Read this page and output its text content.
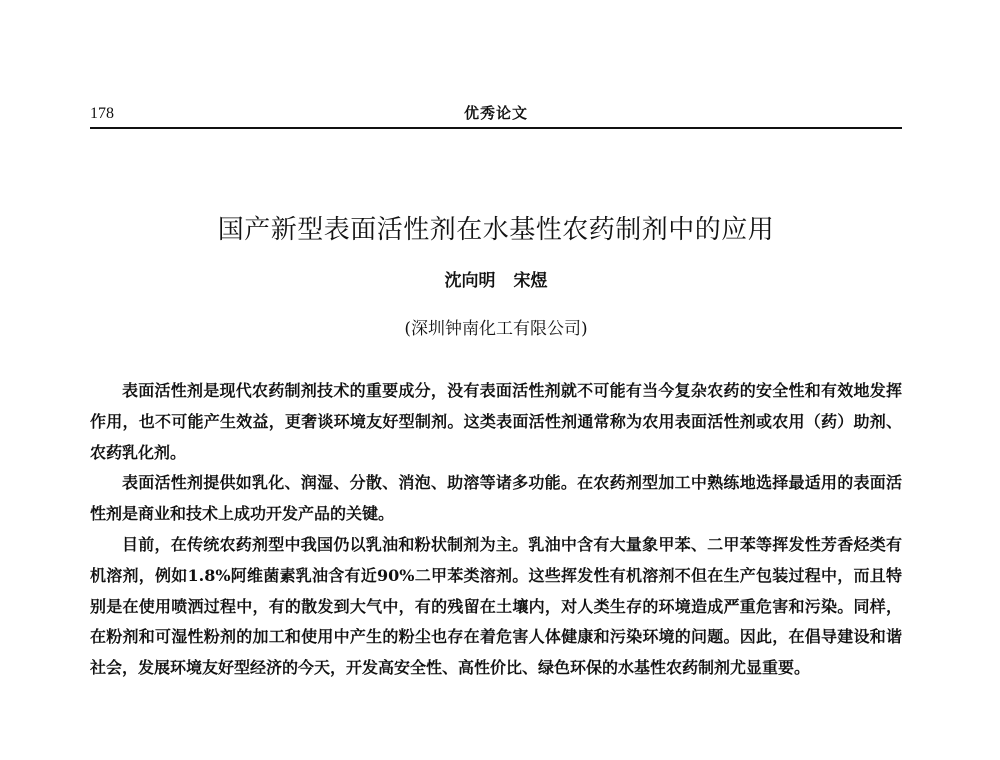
178	优秀论文
国产新型表面活性剂在水基性农药制剂中的应用
沈向明 宋煜
(深圳钟南化工有限公司)

表面活性剂是现代农药制剂技术的重要成分，没有表面活性剂就不可能有当今复杂农药的安全性和有效地发挥作用，也不可能产生效益，更奢谈环境友好型制剂。这类表面活性剂通常称为农用表面活性剂或农用（药）助剂、农药乳化剂。

表面活性剂提供如乳化、润湿、分散、消泡、助溶等诸多功能。在农药剂型加工中熟练地选择最适用的表面活性剂是商业和技术上成功开发产品的关键。

目前，在传统农药剂型中我国仍以乳油和粉状制剂为主。乳油中含有大量象甲苯、二甲苯等挥发性芳香烃类有机溶剂，例如1.8%阿维菌素乳油含有近90%二甲苯类溶剂。这些挥发性有机溶剂不但在生产包装过程中，而且特别是在使用喷洒过程中，有的散发到大气中，有的残留在土壤内，对人类生存的环境造成严重危害和污染。同样，在粉剂和可湿性粉剂的加工和使用中产生的粉尘也存在着危害人体健康和污染环境的问题。因此，在倡导建设和谐社会，发展环境友好型经济的今天，开发高安全性、高性价比、绿色环保的水基性农药制剂尤显重要。
